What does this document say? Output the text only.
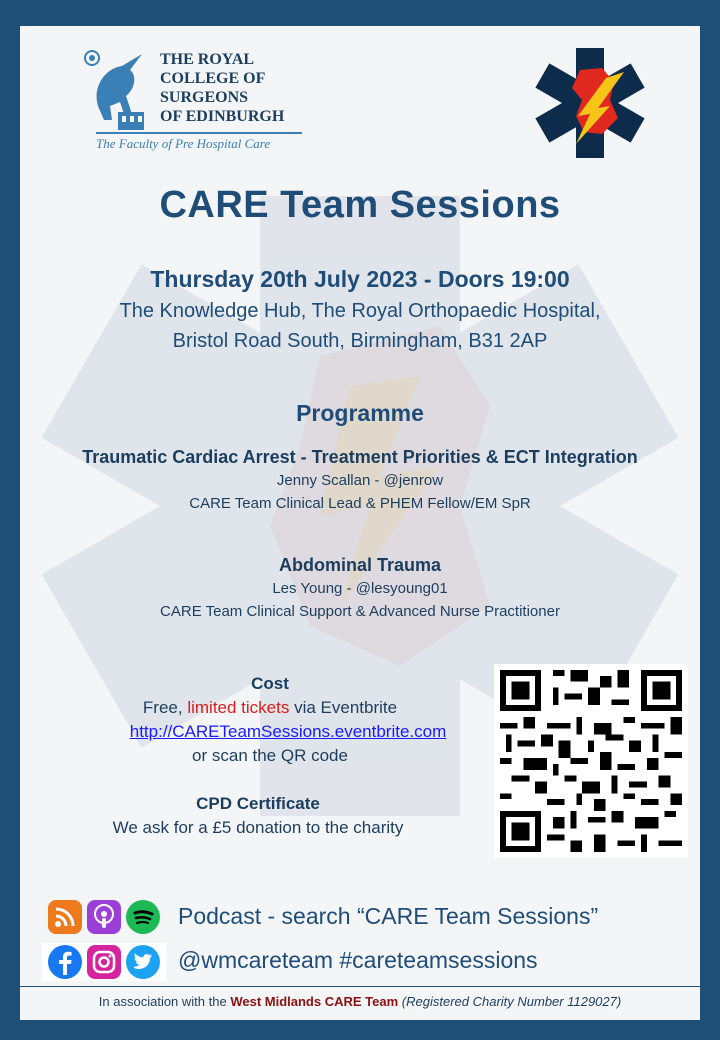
THE ROYAL
COLLEGE OF
SURGEONS
OF EDINBURGH
The Faculty of Pre Hospital Care
CARE Team Sessions
Thursday 20th July 2023 - Doors 19:00
The Knowledge Hub, The Royal Orthopaedic Hospital,
Bristol Road South, Birmingham, B31 2AP
Programme
Traumatic Cardiac Arrest - Treatment Priorities & ECT Integration
Jenny Scallan - @jenrow
CARE Team Clinical Lead & PHEM Fellow/EM SpR
Abdominal Trauma
Les Young - @lesyoung01
CARE Team Clinical Support & Advanced Nurse Practitioner
Cost
Free, limited tickets via Eventbrite
http://CARETeamSessions.eventbrite.com
or scan the QR code
CPD Certificate
We ask for a £5 donation to the charity
Podcast - search “CARE Team Sessions”
@wmcareteam #careteamsessions
In association with the West Midlands CARE Team (Registered Charity Number 1129027)
